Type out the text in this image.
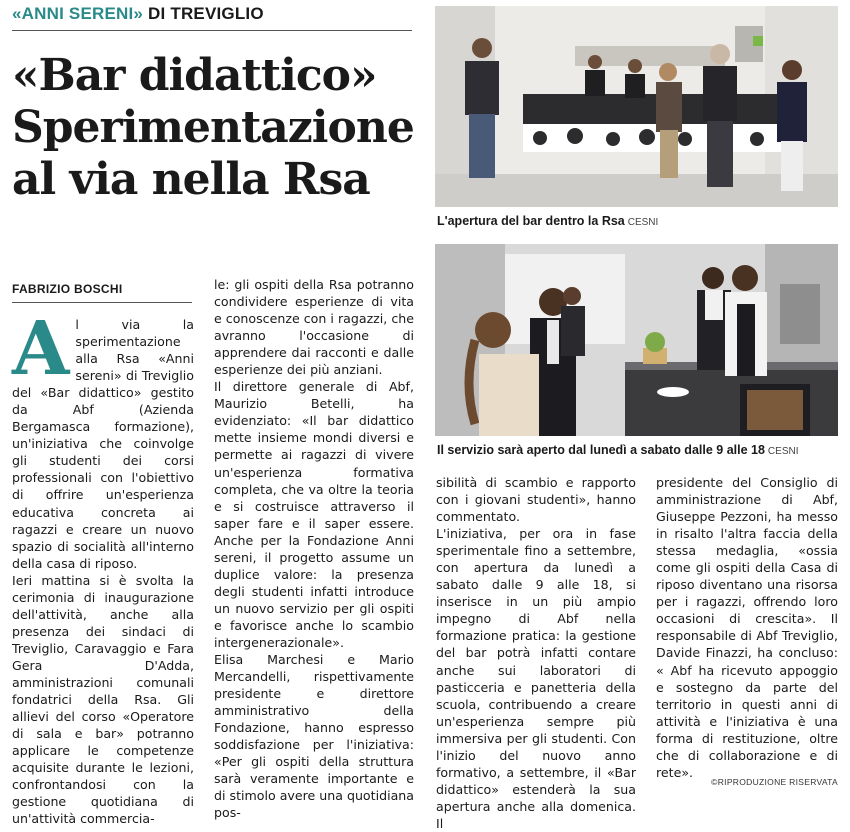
«ANNI SERENI» DI TREVIGLIO
«Bar didattico»
Sperimentazione
al via nella Rsa
FABRIZIO BOSCHI

Al via la sperimentazione alla Rsa «Anni sereni» di Treviglio del «Bar didattico» gestito da Abf (Azienda Bergamasca formazione), un'iniziativa che coinvolge gli studenti dei corsi professionali con l'obiettivo di offrire un'esperienza educativa concreta ai ragazzi e creare un nuovo spazio di socialità all'interno della casa di riposo.

Ieri mattina si è svolta la cerimonia di inaugurazione dell'attività, anche alla presenza dei sindaci di Treviglio, Caravaggio e Fara Gera D'Adda, amministrazioni comunali fondatrici della Rsa. Gli allievi del corso «Operatore di sala e bar» potranno applicare le competenze acquisite durante le lezioni, confrontandosi con la gestione quotidiana di un'attività commercia-

le: gli ospiti della Rsa potranno condividere esperienze di vita e conoscenze con i ragazzi, che avranno l'occasione di apprendere dai racconti e dalle esperienze dei più anziani.

Il direttore generale di Abf, Maurizio Betelli, ha evidenziato: «Il bar didattico mette insieme mondi diversi e permette ai ragazzi di vivere un'esperienza formativa completa, che va oltre la teoria e si costruisce attraverso il saper fare e il saper essere. Anche per la Fondazione Anni sereni, il progetto assume un duplice valore: la presenza degli studenti infatti introduce un nuovo servizio per gli ospiti e favorisce anche lo scambio intergenerazionale».

Elisa Marchesi e Mario Mercandelli, rispettivamente presidente e direttore amministrativo della Fondazione, hanno espresso soddisfazione per l'iniziativa: «Per gli ospiti della struttura sarà veramente importante e di stimolo avere una quotidiana pos-

L'apertura del bar dentro la Rsa CESNI
Il servizio sarà aperto dal lunedì a sabato dalle 9 alle 18 CESNI

sibilità di scambio e rapporto con i giovani studenti», hanno commentato.

L'iniziativa, per ora in fase sperimentale fino a settembre, con apertura da lunedì a sabato dalle 9 alle 18, si inserisce in un più ampio impegno di Abf nella formazione pratica: la gestione del bar potrà infatti contare anche sui laboratori di pasticceria e panetteria della scuola, contribuendo a creare un'esperienza sempre più immersiva per gli studenti. Con l'inizio del nuovo anno formativo, a settembre, il «Bar didattico» estenderà la sua apertura anche alla domenica. Il

presidente del Consiglio di amministrazione di Abf, Giuseppe Pezzoni, ha messo in risalto l'altra faccia della stessa medaglia, «ossia come gli ospiti della Casa di riposo diventano una risorsa per i ragazzi, offrendo loro occasioni di crescita». Il responsabile di Abf Treviglio, Davide Finazzi, ha concluso: « Abf ha ricevuto appoggio e sostegno da parte del territorio in questi anni di attività e l'iniziativa è una forma di restituzione, oltre che di collaborazione e di rete».

©RIPRODUZIONE RISERVATA
